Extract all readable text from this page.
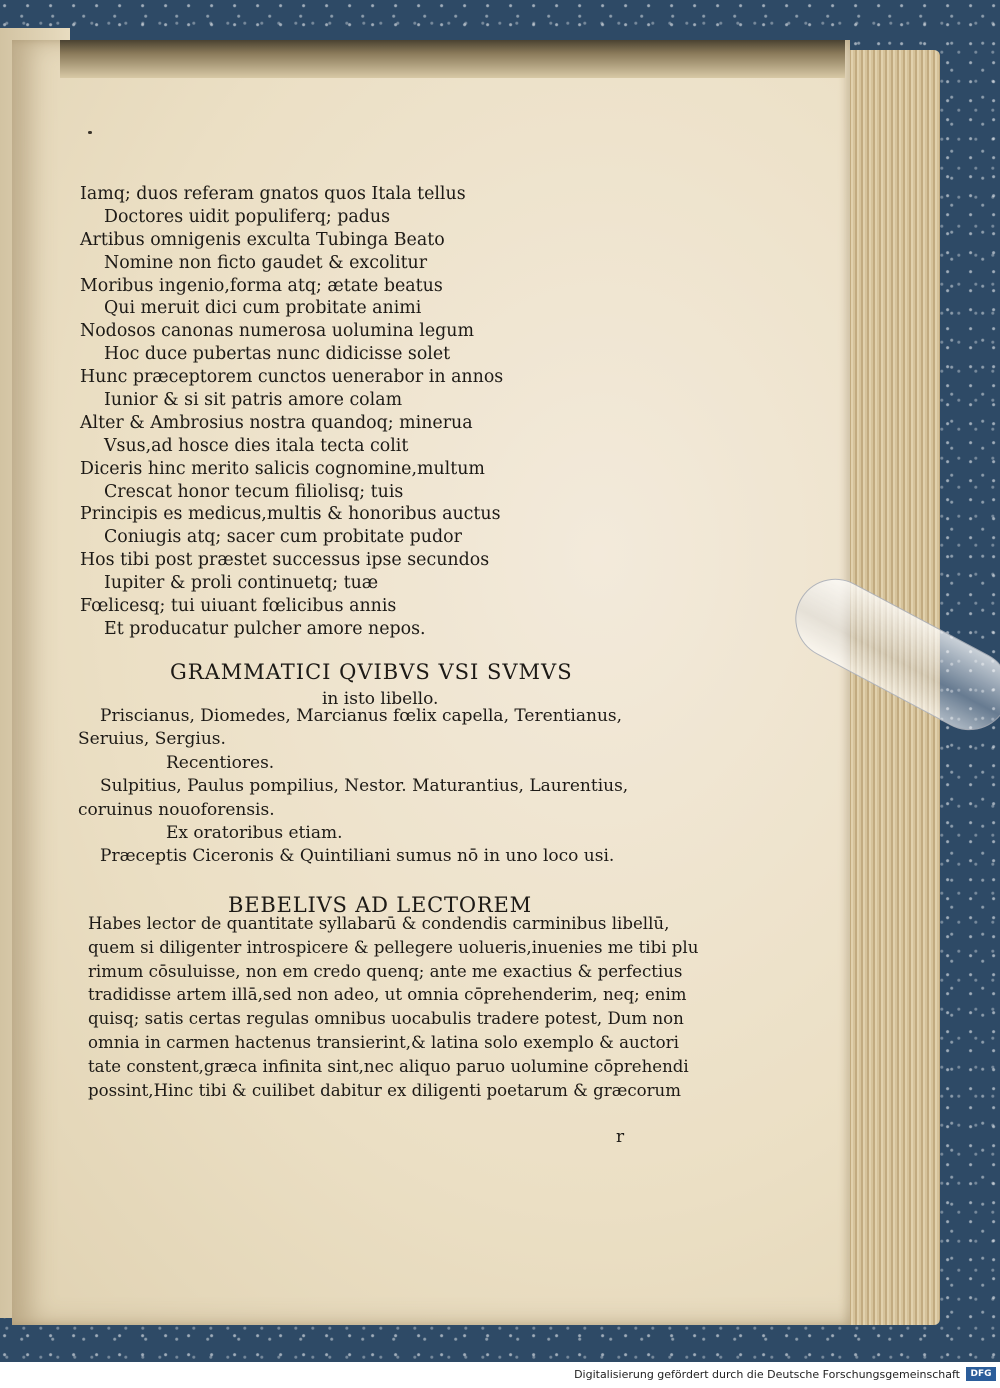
Iamq; duos referam gnatos quos Itala tellus
Doctores uidit populiferq; padus
Artibus omnigenis exculta Tubinga Beato
Nomine non ficto gaudet & excolitur
Moribus ingenio,forma atq; ætate beatus
Qui meruit dici cum probitate animi
Nodosos canonas numerosa uolumina legum
Hoc duce pubertas nunc didicisse solet
Hunc præceptorem cunctos uenerabor in annos
Iunior & si sit patris amore colam
Alter & Ambrosius nostra quandoq; minerua
Vsus,ad hosce dies itala tecta colit
Diceris hinc merito salicis cognomine,multum
Crescat honor tecum filiolisq; tuis
Principis es medicus,multis & honoribus auctus
Coniugis atq; sacer cum probitate pudor
Hos tibi post præstet successus ipse secundos
Iupiter & proli continuetq; tuæ
Fœlicesq; tui uiuant fœlicibus annis
Et producatur pulcher amore nepos.
GRAMMATICI QVIBVS VSI SVMVS
in isto libello.
Priscianus, Diomedes, Marcianus fœlix capella, Terentianus,
Seruius, Sergius.
Recentiores.
Sulpitius, Paulus pompilius, Nestor. Maturantius, Laurentius,
coruinus nouoforensis.
Ex oratoribus etiam.
Præceptis Ciceronis & Quintiliani sumus nō in uno loco usi.
BEBELIVS AD LECTOREM
Habes lector de quantitate syllabarū & condendis carminibus libellū,
quem si diligenter introspicere & pellegere uolueris,inuenies me tibi plu
rimum cōsuluisse, non em credo quenq; ante me exactius & perfectius
tradidisse artem illā,sed non adeo, ut omnia cōprehenderim, neq; enim
quisq; satis certas regulas omnibus uocabulis tradere potest, Dum non
omnia in carmen hactenus transierint,& latina solo exemplo & auctori
tate constent,græca infinita sint,nec aliquo paruo uolumine cōprehendi
possint,Hinc tibi & cuilibet dabitur ex diligenti poetarum & græcorum
r
Digitalisierung gefördert durch die Deutsche Forschungsgemeinschaft	DFG
